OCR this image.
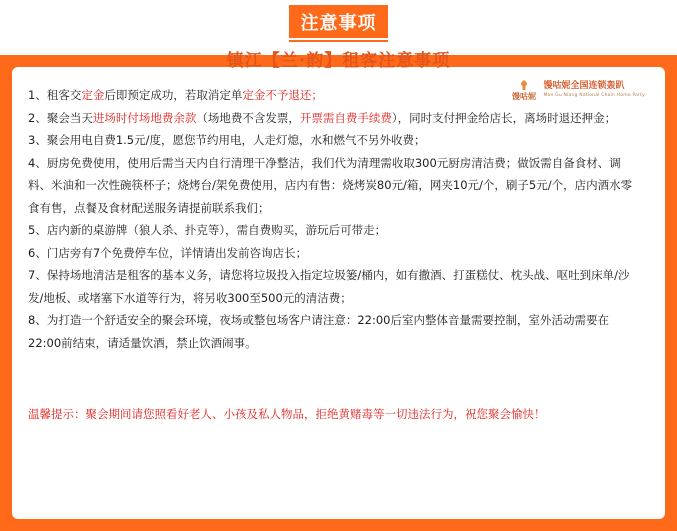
注意事项
馒咕妮
馒咕妮全国连锁轰趴
Man Gu Niang National Chain Home Party
镇江【兰·韵】租客注意事项

1、租客交定金后即预定成功，若取消定单定金不予退还；

2、聚会当天进场时付场地费余款（场地费不含发票，开票需自费手续费），同时支付押金给店长，离场时退还押金；

3、聚会用电自费1.5元/度，愿您节约用电，人走灯熄，水和燃气不另外收费；

4、厨房免费使用，使用后需当天内自行清理干净整洁，我们代为清理需收取300元厨房清洁费；做饭需自备食材、调料、米油和一次性碗筷杯子；烧烤台/架免费使用，店内有售：烧烤炭80元/箱，网夹10元/个，刷子5元/个，店内酒水零食有售，点餐及食材配送服务请提前联系我们；

5、店内新的桌游牌（狼人杀、扑克等），需自费购买，游玩后可带走；

6、门店旁有7个免费停车位，详情请出发前咨询店长；

7、保持场地清洁是租客的基本义务，请您将垃圾投入指定垃圾篓/桶内，如有撒酒、打蛋糕仗、枕头战、呕吐到床单/沙发/地板、或堵塞下水道等行为，将另收300至500元的清洁费；

8、为打造一个舒适安全的聚会环境，夜场或整包场客户请注意：22:00后室内整体音量需要控制，室外活动需要在22:00前结束，请适量饮酒，禁止饮酒闹事。

温馨提示：聚会期间请您照看好老人、小孩及私人物品，拒绝黄赌毒等一切违法行为，祝您聚会愉快！
